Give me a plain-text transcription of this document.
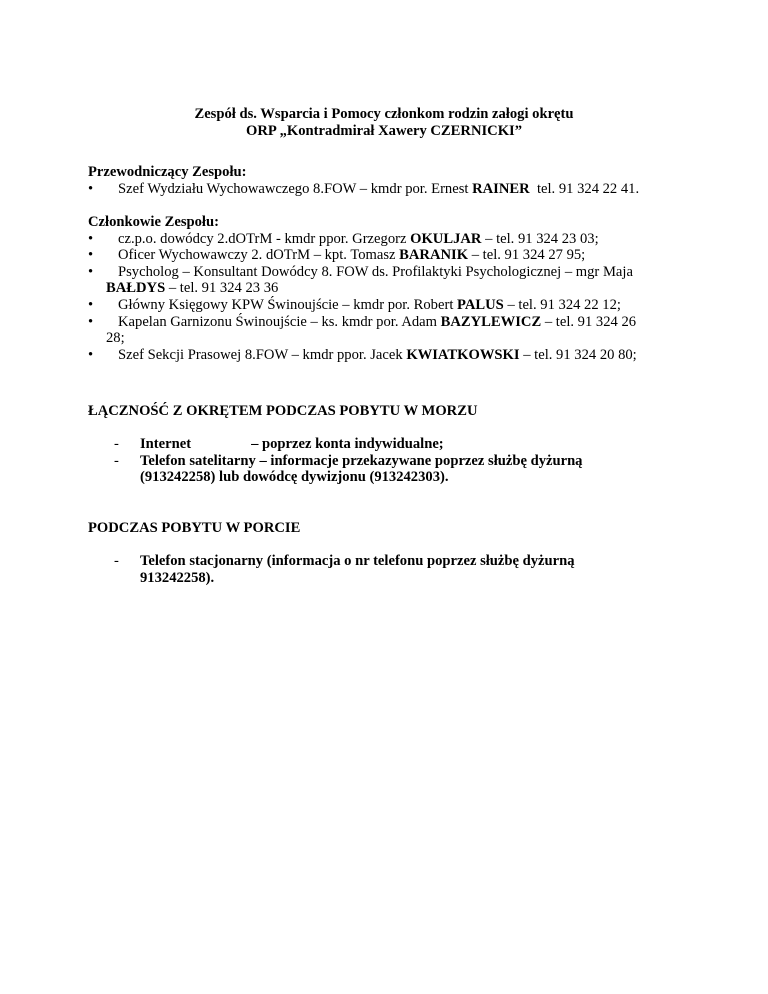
Zespół ds. Wsparcia i Pomocy członkom rodzin załogi okrętu
ORP „Kontradmirał Xawery CZERNICKI”
Przewodniczący Zespołu:
•	Szef Wydziału Wychowawczego 8.FOW – kmdr por. Ernest RAINER  tel. 91 324 22 41.
Członkowie Zespołu:
•	cz.p.o. dowódcy 2.dOTrM - kmdr ppor. Grzegorz OKULJAR – tel. 91 324 23 03;
•	Oficer Wychowawczy 2. dOTrM – kpt. Tomasz BARANIK – tel. 91 324 27 95;
•	Psycholog – Konsultant Dowódcy 8. FOW ds. Profilaktyki Psychologicznej – mgr Maja
BAŁDYS – tel. 91 324 23 36
•	Główny Księgowy KPW Świnoujście – kmdr por. Robert PALUS – tel. 91 324 22 12;
•	Kapelan Garnizonu Świnoujście – ks. kmdr por. Adam BAZYLEWICZ – tel. 91 324 26
28;
•	Szef Sekcji Prasowej 8.FOW – kmdr ppor. Jacek KWIATKOWSKI – tel. 91 324 20 80;
ŁĄCZNOŚĆ Z OKRĘTEM PODCZAS POBYTU W MORZU
- Internet	– poprzez konta indywidualne;
- Telefon satelitarny – informacje przekazywane poprzez służbę dyżurną
(913242258) lub dowódcę dywizjonu (913242303).
PODCZAS POBYTU W PORCIE
- Telefon stacjonarny (informacja o nr telefonu poprzez służbę dyżurną
913242258).
